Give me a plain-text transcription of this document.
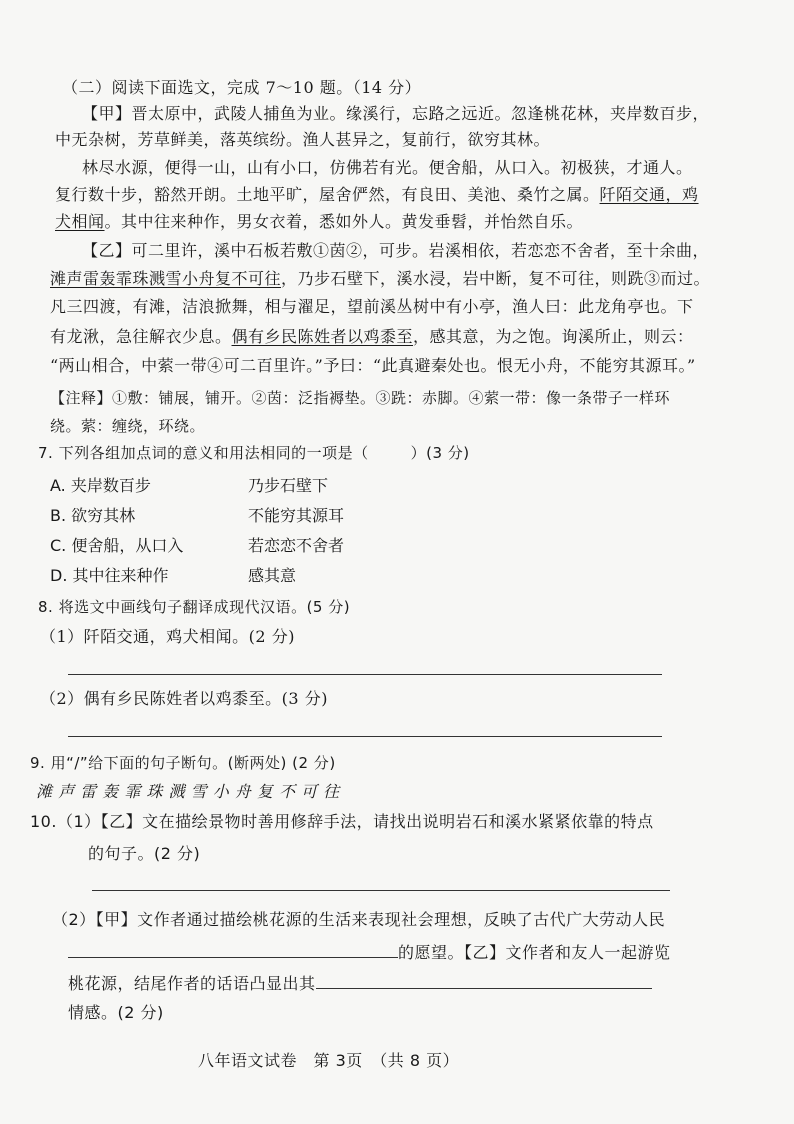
（二）阅读下面选文，完成 7～10 题。（14 分）
【甲】晋太原中，武陵人捕鱼为业。缘溪行，忘路之远近。忽逢桃花林，夹岸数百步，
中无杂树，芳草鲜美，落英缤纷。渔人甚异之，复前行，欲穷其林。
林尽水源，便得一山，山有小口，仿佛若有光。便舍船，从口入。初极狭，才通人。
复行数十步，豁然开朗。土地平旷，屋舍俨然，有良田、美池、桑竹之属。阡陌交通，鸡
犬相闻。其中往来种作，男女衣着，悉如外人。黄发垂髫，并怡然自乐。
【乙】可二里许，溪中石板若敷①茵②，可步。岩溪相依，若恋恋不舍者，至十余曲，
滩声雷轰霏珠溅雪小舟复不可往，乃步石壁下，溪水浸，岩中断，复不可往，则跣③而过。
凡三四渡，有滩，洁浪掀舞，相与濯足，望前溪丛树中有小亭，渔人曰：此龙角亭也。下
有龙湫，急往解衣少息。偶有乡民陈姓者以鸡黍至，感其意，为之饱。询溪所止，则云：
“两山相合，中萦一带④可二百里许。”予曰：“此真避秦处也。恨无小舟，不能穷其源耳。”
【注释】①敷：铺展，铺开。②茵：泛指褥垫。③跣：赤脚。④萦一带：像一条带子一样环
绕。萦：缠绕，环绕。
7. 下列各组加点词的意义和用法相同的一项是（	）(3 分)
A. 夹岸数百步	乃步石壁下
B. 欲穷其林	不能穷其源耳
C. 便舍船，从口入	若恋恋不舍者
D. 其中往来种作	感其意
8. 将选文中画线句子翻译成现代汉语。(5 分)
（1）阡陌交通，鸡犬相闻。(2 分)
（2）偶有乡民陈姓者以鸡黍至。(3 分)
9. 用“/”给下面的句子断句。(断两处) (2 分)
滩 声 雷 轰 霏 珠 溅 雪 小 舟 复 不 可 往
10.（1）【乙】文在描绘景物时善用修辞手法，请找出说明岩石和溪水紧紧依靠的特点
的句子。(2 分)
（2）【甲】文作者通过描绘桃花源的生活来表现社会理想，反映了古代广大劳动人民
的愿望。【乙】文作者和友人一起游览
桃花源，结尾作者的话语凸显出其
情感。(2 分)
八年语文试卷　第 3页　（共 8 页）
